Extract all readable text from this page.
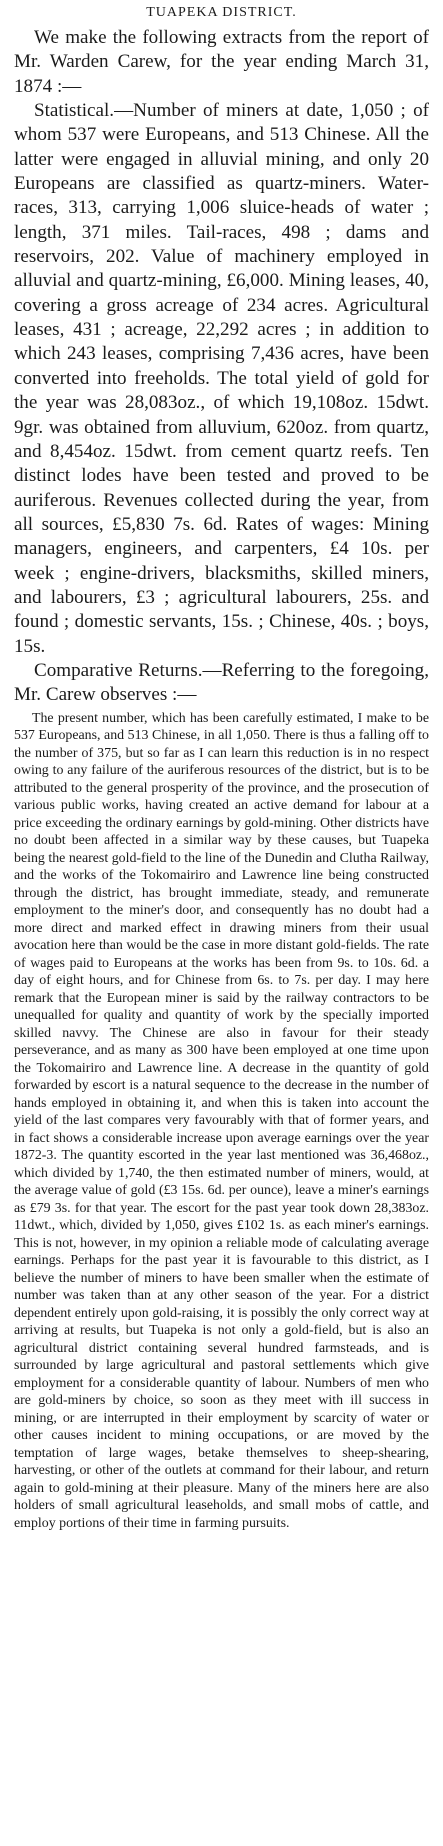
TUAPEKA DISTRICT.

We make the following extracts from the report of Mr. Warden Carew, for the year ending March 31, 1874 :—

Statistical.—Number of miners at date, 1,050 ; of whom 537 were Europeans, and 513 Chinese. All the latter were engaged in alluvial mining, and only 20 Europeans are classified as quartz-miners. Water-races, 313, carrying 1,006 sluice-heads of water ; length, 371 miles. Tail-races, 498 ; dams and reservoirs, 202. Value of machinery employed in alluvial and quartz-mining, £6,000. Mining leases, 40, covering a gross acreage of 234 acres. Agricultural leases, 431 ; acreage, 22,292 acres ; in addition to which 243 leases, comprising 7,436 acres, have been converted into freeholds. The total yield of gold for the year was 28,083oz., of which 19,108oz. 15dwt. 9gr. was obtained from alluvium, 620oz. from quartz, and 8,454oz. 15dwt. from cement quartz reefs. Ten distinct lodes have been tested and proved to be auriferous. Revenues collected during the year, from all sources, £5,830 7s. 6d. Rates of wages: Mining managers, engineers, and carpenters, £4 10s. per week ; engine-drivers, blacksmiths, skilled miners, and labourers, £3 ; agricultural labourers, 25s. and found ; domestic servants, 15s. ; Chinese, 40s. ; boys, 15s.

Comparative Returns.—Referring to the foregoing, Mr. Carew observes :—

The present number, which has been carefully estimated, I make to be 537 Europeans, and 513 Chinese, in all 1,050. There is thus a falling off to the number of 375, but so far as I can learn this reduction is in no respect owing to any failure of the auriferous resources of the district, but is to be attributed to the general prosperity of the province, and the prosecution of various public works, having created an active demand for labour at a price exceeding the ordinary earnings by gold-mining. Other districts have no doubt been affected in a similar way by these causes, but Tuapeka being the nearest gold-field to the line of the Dunedin and Clutha Railway, and the works of the Tokomairiro and Lawrence line being constructed through the district, has brought immediate, steady, and remunerate employment to the miner's door, and consequently has no doubt had a more direct and marked effect in drawing miners from their usual avocation here than would be the case in more distant gold-fields. The rate of wages paid to Europeans at the works has been from 9s. to 10s. 6d. a day of eight hours, and for Chinese from 6s. to 7s. per day. I may here remark that the European miner is said by the railway contractors to be unequalled for quality and quantity of work by the specially imported skilled navvy. The Chinese are also in favour for their steady perseverance, and as many as 300 have been employed at one time upon the Tokomairiro and Lawrence line. A decrease in the quantity of gold forwarded by escort is a natural sequence to the decrease in the number of hands employed in obtaining it, and when this is taken into account the yield of the last compares very favourably with that of former years, and in fact shows a considerable increase upon average earnings over the year 1872-3. The quantity escorted in the year last mentioned was 36,468oz., which divided by 1,740, the then estimated number of miners, would, at the average value of gold (£3 15s. 6d. per ounce), leave a miner's earnings as £79 3s. for that year. The escort for the past year took down 28,383oz. 11dwt., which, divided by 1,050, gives £102 1s. as each miner's earnings. This is not, however, in my opinion a reliable mode of calculating average earnings. Perhaps for the past year it is favourable to this district, as I believe the number of miners to have been smaller when the estimate of number was taken than at any other season of the year. For a district dependent entirely upon gold-raising, it is possibly the only correct way at arriving at results, but Tuapeka is not only a gold-field, but is also an agricultural district containing several hundred farmsteads, and is surrounded by large agricultural and pastoral settlements which give employment for a considerable quantity of labour. Numbers of men who are gold-miners by choice, so soon as they meet with ill success in mining, or are interrupted in their employment by scarcity of water or other causes incident to mining occupations, or are moved by the temptation of large wages, betake themselves to sheep-shearing, harvesting, or other of the outlets at command for their labour, and return again to gold-mining at their pleasure. Many of the miners here are also holders of small agricultural leaseholds, and small mobs of cattle, and employ portions of their time in farming pursuits.
